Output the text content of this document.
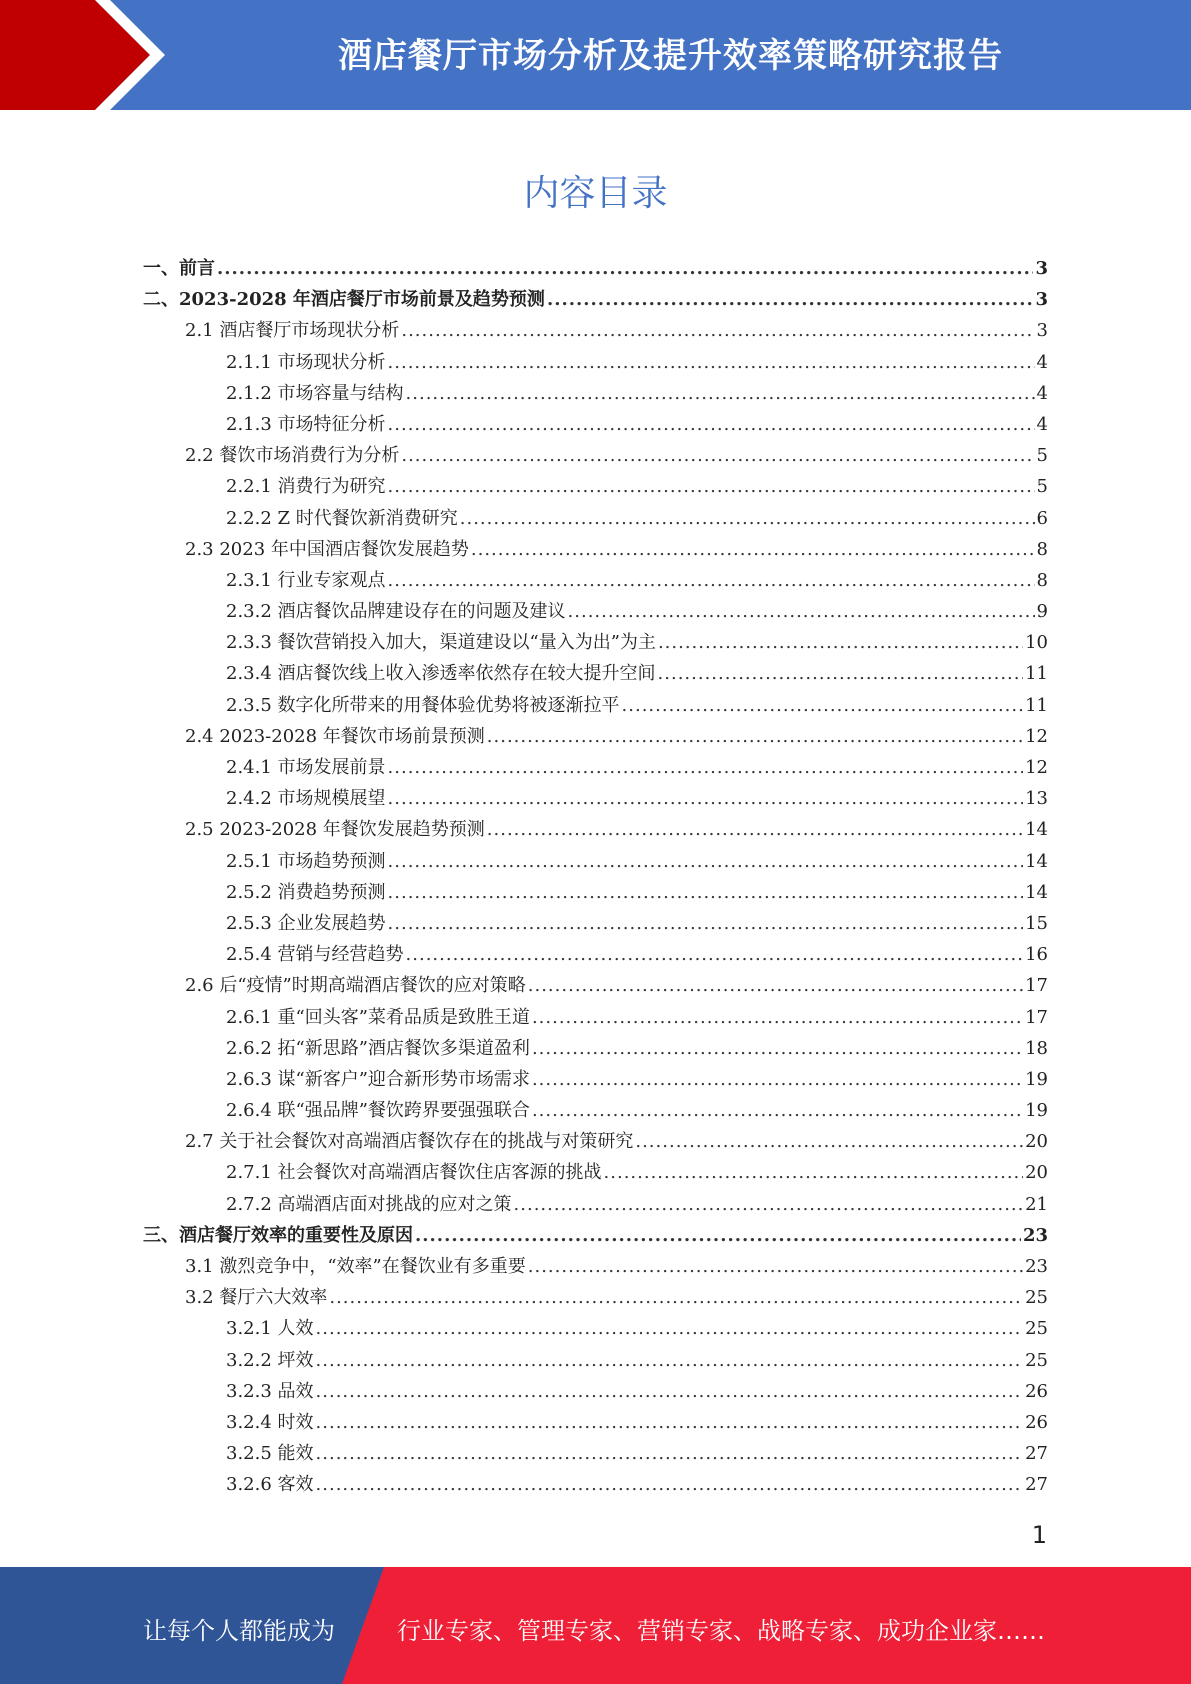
酒店餐厅市场分析及提升效率策略研究报告
内容目录
一、前言 .....	3
二、2023-2028 年酒店餐厅市场前景及趋势预测 .....	3
2.1 酒店餐厅市场现状分析 .....	3
2.1.1 市场现状分析 .....	4
2.1.2 市场容量与结构 .....	4
2.1.3 市场特征分析 .....	4
2.2 餐饮市场消费行为分析 .....	5
2.2.1 消费行为研究 .....	5
2.2.2 Z 时代餐饮新消费研究 .....	6
2.3 2023 年中国酒店餐饮发展趋势 .....	8
2.3.1 行业专家观点 .....	8
2.3.2 酒店餐饮品牌建设存在的问题及建议 .....	9
2.3.3 餐饮营销投入加大，渠道建设以“量入为出”为主 .....	10
2.3.4 酒店餐饮线上收入渗透率依然存在较大提升空间 .....	11
2.3.5 数字化所带来的用餐体验优势将被逐渐拉平 .....	11
2.4 2023-2028 年餐饮市场前景预测 .....	12
2.4.1 市场发展前景 .....	12
2.4.2 市场规模展望 .....	13
2.5 2023-2028 年餐饮发展趋势预测 .....	14
2.5.1 市场趋势预测 .....	14
2.5.2 消费趋势预测 .....	14
2.5.3 企业发展趋势 .....	15
2.5.4 营销与经营趋势 .....	16
2.6 后“疫情”时期高端酒店餐饮的应对策略 .....	17
2.6.1 重“回头客”菜肴品质是致胜王道 .....	17
2.6.2 拓“新思路”酒店餐饮多渠道盈利 .....	18
2.6.3 谋“新客户”迎合新形势市场需求 .....	19
2.6.4 联“强品牌”餐饮跨界要强强联合 .....	19
2.7 关于社会餐饮对高端酒店餐饮存在的挑战与对策研究 .....	20
2.7.1 社会餐饮对高端酒店餐饮住店客源的挑战 .....	20
2.7.2 高端酒店面对挑战的应对之策 .....	21
三、酒店餐厅效率的重要性及原因 .....	23
3.1 激烈竞争中，“效率”在餐饮业有多重要 .....	23
3.2 餐厅六大效率 .....	25
3.2.1 人效 .....	25
3.2.2 坪效 .....	25
3.2.3 品效 .....	26
3.2.4 时效 .....	26
3.2.5 能效 .....	27
3.2.6 客效 .....	27
1
让每个人都能成为	行业专家、管理专家、营销专家、战略专家、成功企业家……
